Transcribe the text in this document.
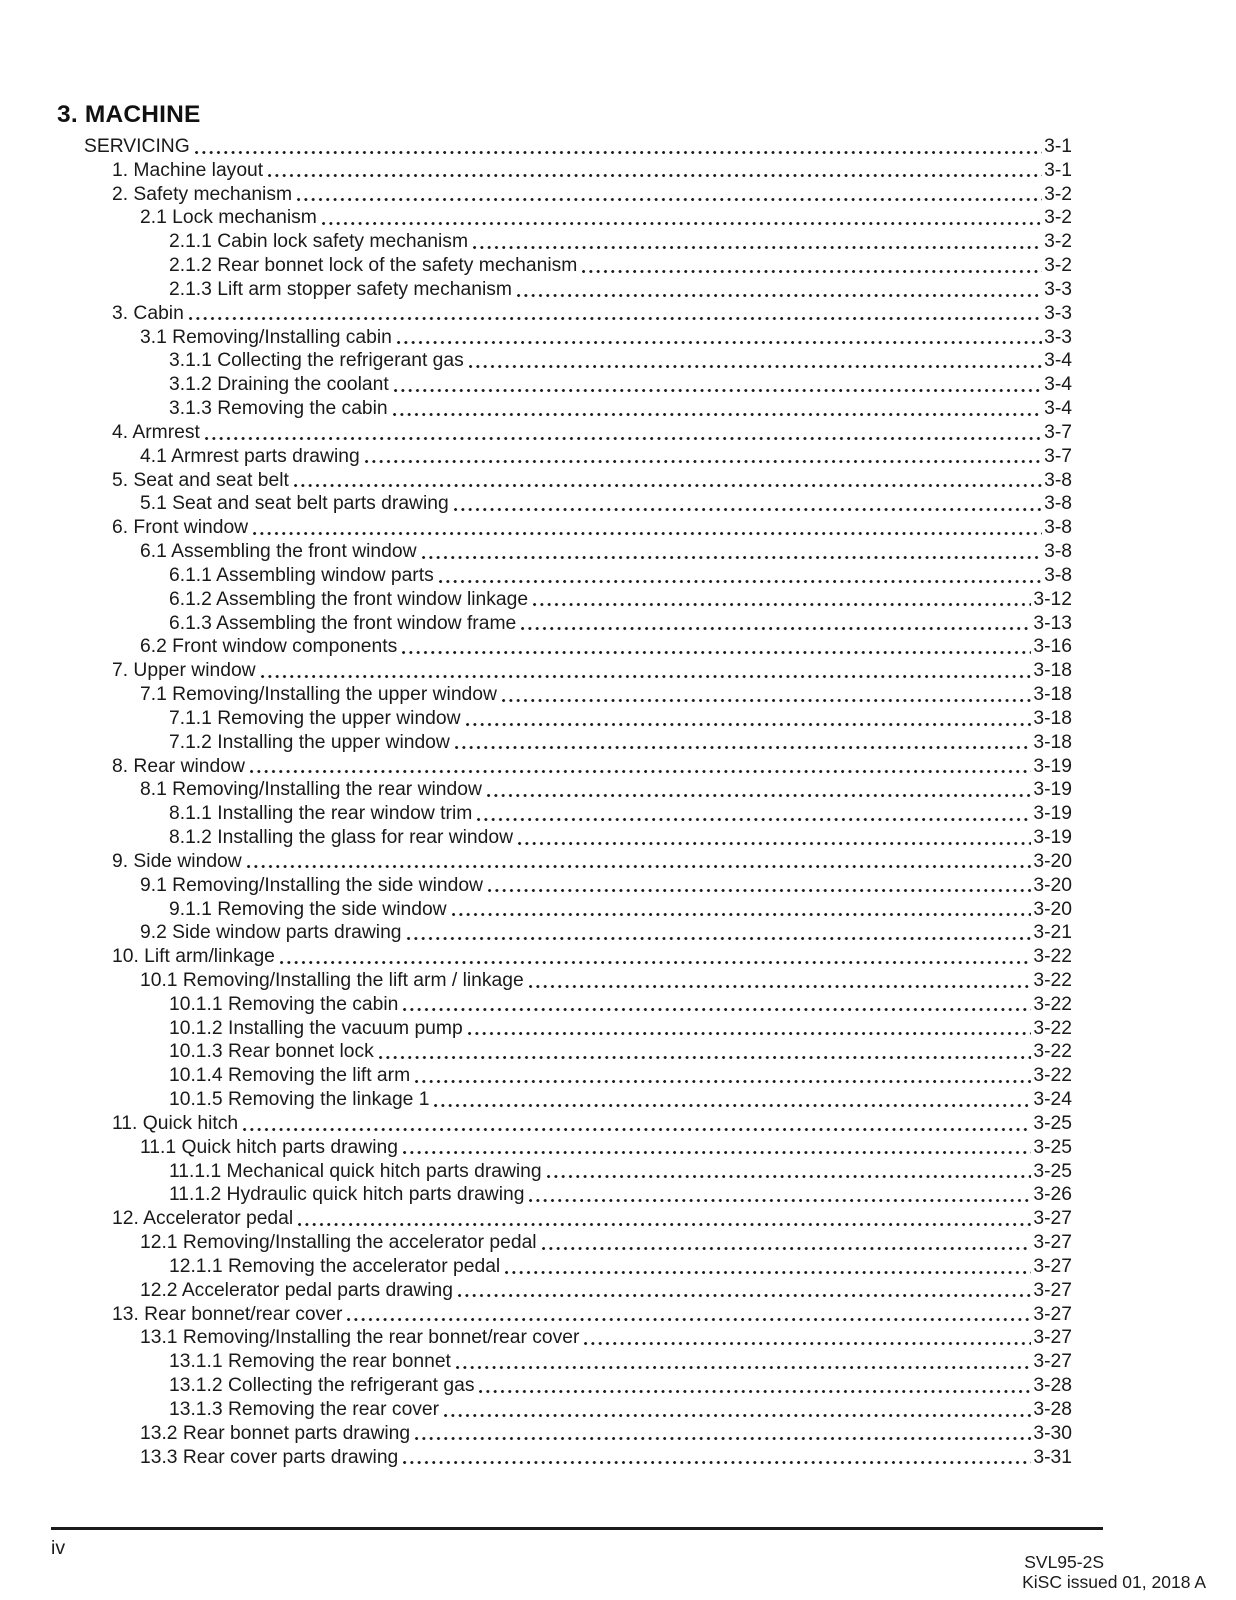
3. MACHINE
SERVICING	3-1
1. Machine layout	3-1
2. Safety mechanism	3-2
2.1 Lock mechanism	3-2
2.1.1 Cabin lock safety mechanism	3-2
2.1.2 Rear bonnet lock of the safety mechanism	3-2
2.1.3 Lift arm stopper safety mechanism	3-3
3. Cabin	3-3
3.1 Removing/Installing cabin	3-3
3.1.1 Collecting the refrigerant gas	3-4
3.1.2 Draining the coolant	3-4
3.1.3 Removing the cabin	3-4
4. Armrest	3-7
4.1 Armrest parts drawing	3-7
5. Seat and seat belt	3-8
5.1 Seat and seat belt parts drawing	3-8
6. Front window	3-8
6.1 Assembling the front window	3-8
6.1.1 Assembling window parts	3-8
6.1.2 Assembling the front window linkage	3-12
6.1.3 Assembling the front window frame	3-13
6.2 Front window components	3-16
7. Upper window	3-18
7.1 Removing/Installing the upper window	3-18
7.1.1 Removing the upper window	3-18
7.1.2 Installing the upper window	3-18
8. Rear window	3-19
8.1 Removing/Installing the rear window	3-19
8.1.1 Installing the rear window trim	3-19
8.1.2 Installing the glass for rear window	3-19
9. Side window	3-20
9.1 Removing/Installing the side window	3-20
9.1.1 Removing the side window	3-20
9.2 Side window parts drawing	3-21
10. Lift arm/linkage	3-22
10.1 Removing/Installing the lift arm / linkage	3-22
10.1.1 Removing the cabin	3-22
10.1.2 Installing the vacuum pump	3-22
10.1.3 Rear bonnet lock	3-22
10.1.4 Removing the lift arm	3-22
10.1.5 Removing the linkage 1	3-24
11. Quick hitch	3-25
11.1 Quick hitch parts drawing	3-25
11.1.1 Mechanical quick hitch parts drawing	3-25
11.1.2 Hydraulic quick hitch parts drawing	3-26
12. Accelerator pedal	3-27
12.1 Removing/Installing the accelerator pedal	3-27
12.1.1 Removing the accelerator pedal	3-27
12.2 Accelerator pedal parts drawing	3-27
13. Rear bonnet/rear cover	3-27
13.1 Removing/Installing the rear bonnet/rear cover	3-27
13.1.1 Removing the rear bonnet	3-27
13.1.2 Collecting the refrigerant gas	3-28
13.1.3 Removing the rear cover	3-28
13.2 Rear bonnet parts drawing	3-30
13.3 Rear cover parts drawing	3-31
iv
SVL95-2S
KiSC issued 01, 2018 A
